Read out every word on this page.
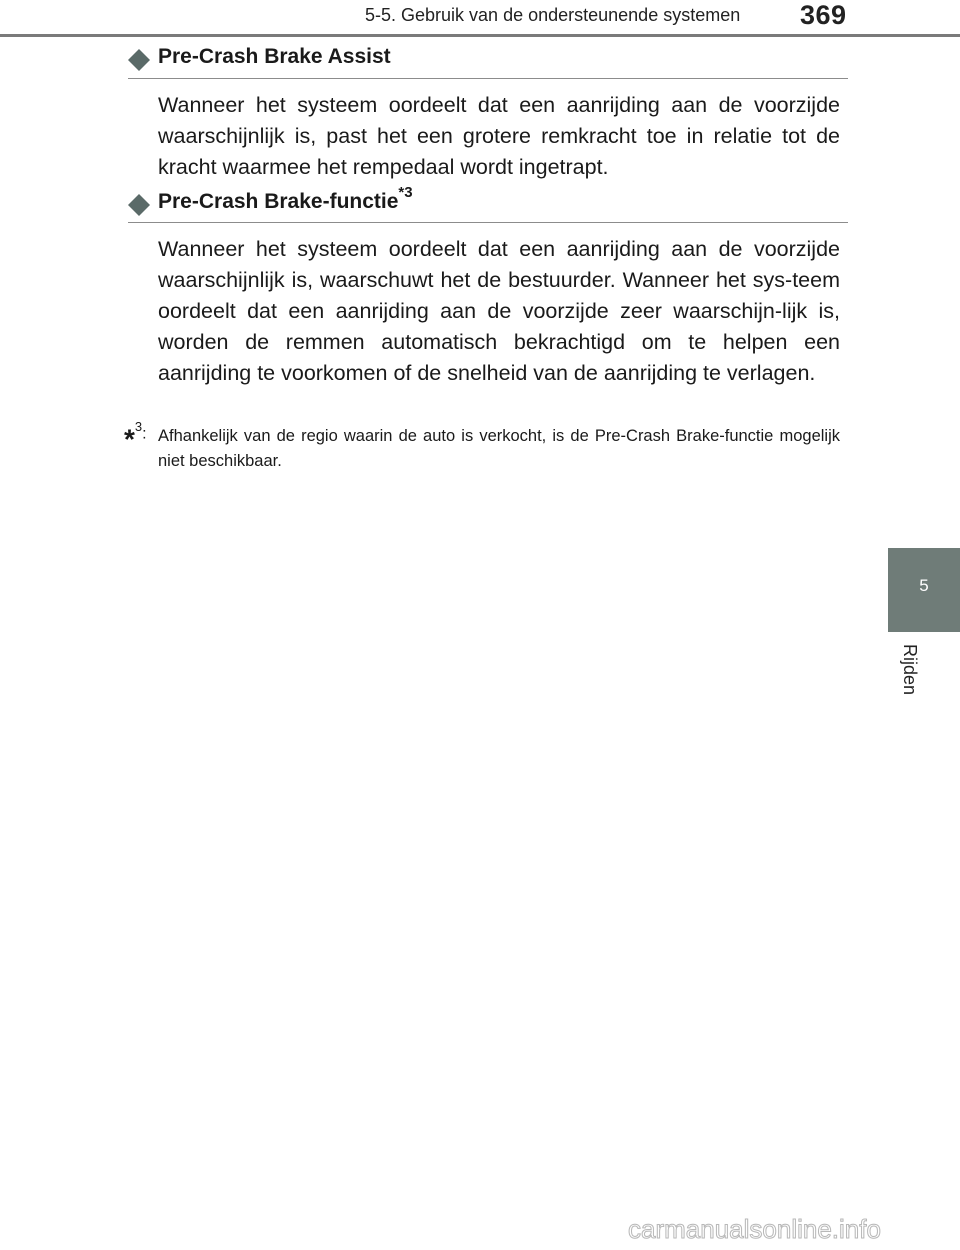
5-5. Gebruik van de ondersteunende systemen 369
5
Rijden
Pre-Crash Brake Assist
Wanneer het systeem oordeelt dat een aanrijding aan de voorzijde waarschijnlijk is, past het een grotere remkracht toe in relatie tot de kracht waarmee het rempedaal wordt ingetrapt.
Pre-Crash Brake-functie$^{*3}$
Wanneer het systeem oordeelt dat een aanrijding aan de voorzijde waarschijnlijk is, waarschuwt het de bestuurder. Wanneer het sys-teem oordeelt dat een aanrijding aan de voorzijde zeer waarschijn-lijk is, worden de remmen automatisch bekrachtigd om te helpen een aanrijding te voorkomen of de snelheid van de aanrijding te verlagen.
*$^3$: Afhankelijk van de regio waarin de auto is verkocht, is de Pre-Crash Brake-functie mogelijk niet beschikbaar.
carmanualsonline.info
